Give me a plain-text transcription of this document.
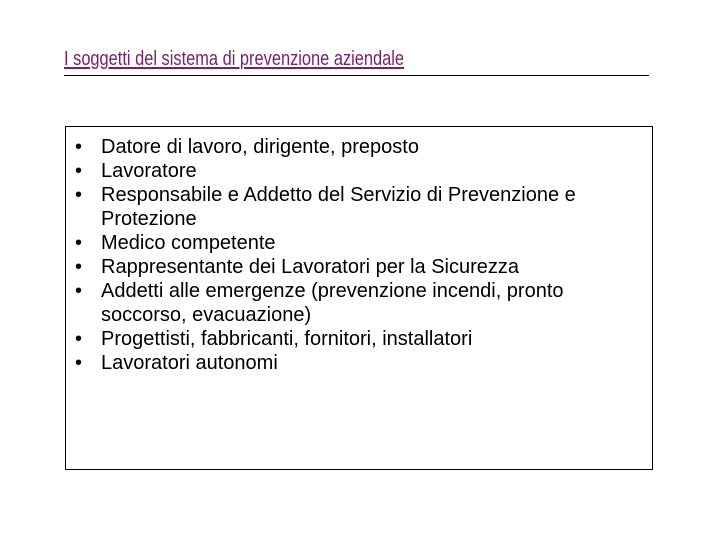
I soggetti del sistema di prevenzione aziendale
• Datore di lavoro, dirigente, preposto
• Lavoratore
• Responsabile e Addetto del Servizio di Prevenzione e Protezione
• Medico competente
• Rappresentante dei Lavoratori per la Sicurezza
• Addetti alle emergenze (prevenzione incendi, pronto soccorso, evacuazione)
• Progettisti, fabbricanti, fornitori, installatori
• Lavoratori autonomi
